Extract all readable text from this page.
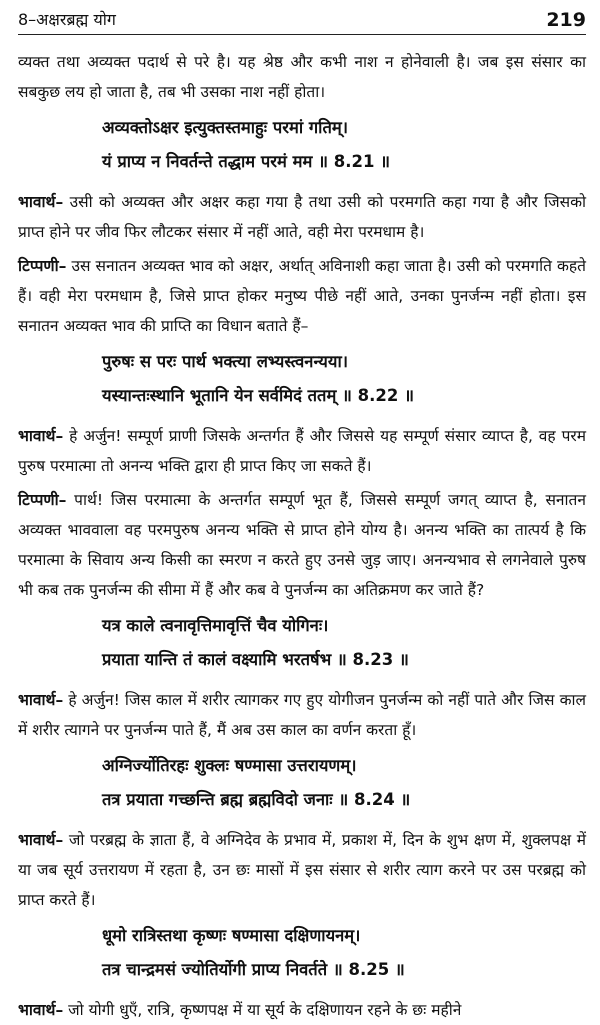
8–अक्षरब्रह्म योग	219

व्यक्त तथा अव्यक्त पदार्थ से परे है। यह श्रेष्ठ और कभी नाश न होनेवाली है। जब इस संसार का सबकुछ लय हो जाता है, तब भी उसका नाश नहीं होता।

अव्यक्तोऽक्षर इत्युक्तस्तमाहुः परमां गतिम्।
यं प्राप्य न निवर्तन्ते तद्धाम परमं मम ॥ 8.21 ॥

भावार्थ– उसी को अव्यक्त और अक्षर कहा गया है तथा उसी को परमगति कहा गया है और जिसको प्राप्त होने पर जीव फिर लौटकर संसार में नहीं आते, वही मेरा परमधाम है।

टिप्पणी– उस सनातन अव्यक्त भाव को अक्षर, अर्थात् अविनाशी कहा जाता है। उसी को परमगति कहते हैं। वही मेरा परमधाम है, जिसे प्राप्त होकर मनुष्य पीछे नहीं आते, उनका पुनर्जन्म नहीं होता। इस सनातन अव्यक्त भाव की प्राप्ति का विधान बताते हैं–

पुरुषः स परः पार्थ भक्त्या लभ्यस्त्वनन्यया।
यस्यान्तःस्थानि भूतानि येन सर्वमिदं ततम् ॥ 8.22 ॥

भावार्थ– हे अर्जुन! सम्पूर्ण प्राणी जिसके अन्तर्गत हैं और जिससे यह सम्पूर्ण संसार व्याप्त है, वह परम पुरुष परमात्मा तो अनन्य भक्ति द्वारा ही प्राप्त किए जा सकते हैं।

टिप्पणी– पार्थ! जिस परमात्मा के अन्तर्गत सम्पूर्ण भूत हैं, जिससे सम्पूर्ण जगत् व्याप्त है, सनातन अव्यक्त भाववाला वह परमपुरुष अनन्य भक्ति से प्राप्त होने योग्य है। अनन्य भक्ति का तात्पर्य है कि परमात्मा के सिवाय अन्य किसी का स्मरण न करते हुए उनसे जुड़ जाए। अनन्यभाव से लगनेवाले पुरुष भी कब तक पुनर्जन्म की सीमा में हैं और कब वे पुनर्जन्म का अतिक्रमण कर जाते हैं?

यत्र काले त्वनावृत्तिमावृत्तिं चैव योगिनः।
प्रयाता यान्ति तं कालं वक्ष्यामि भरतर्षभ ॥ 8.23 ॥

भावार्थ– हे अर्जुन! जिस काल में शरीर त्यागकर गए हुए योगीजन पुनर्जन्म को नहीं पाते और जिस काल में शरीर त्यागने पर पुनर्जन्म पाते हैं, मैं अब उस काल का वर्णन करता हूँ।

अग्निर्ज्योतिरहः शुक्लः षण्मासा उत्तरायणम्।
तत्र प्रयाता गच्छन्ति ब्रह्म ब्रह्मविदो जनाः ॥ 8.24 ॥

भावार्थ– जो परब्रह्म के ज्ञाता हैं, वे अग्निदेव के प्रभाव में, प्रकाश में, दिन के शुभ क्षण में, शुक्लपक्ष में या जब सूर्य उत्तरायण में रहता है, उन छः मासों में इस संसार से शरीर त्याग करने पर उस परब्रह्म को प्राप्त करते हैं।

धूमो रात्रिस्तथा कृष्णः षण्मासा दक्षिणायनम्।
तत्र चान्द्रमसं ज्योतिर्योगी प्राप्य निवर्तते ॥ 8.25 ॥

भावार्थ– जो योगी धुएँ, रात्रि, कृष्णपक्ष में या सूर्य के दक्षिणायन रहने के छः महीने
